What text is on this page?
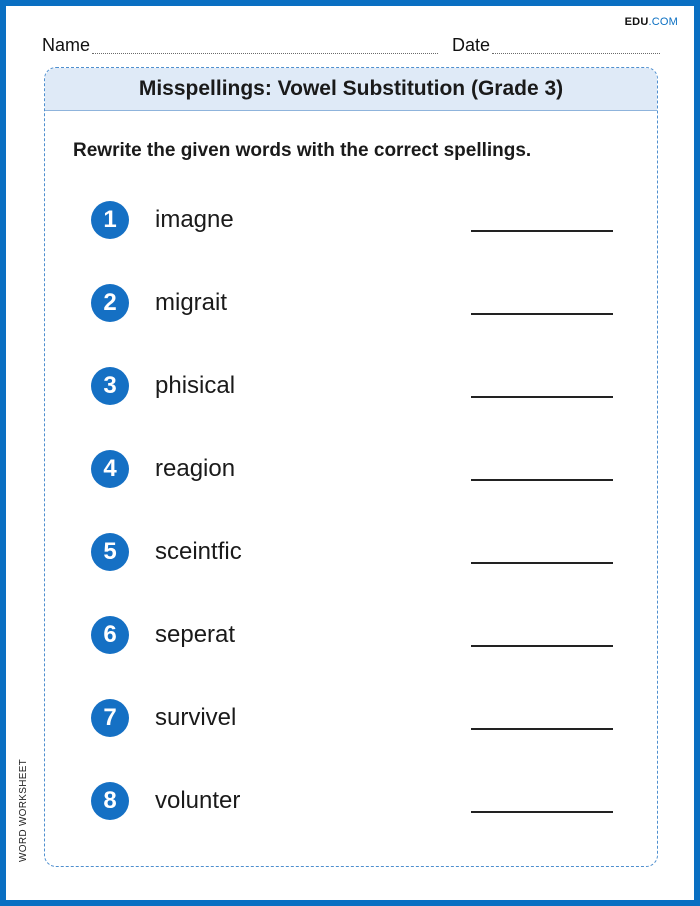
EDU.COM
Name	Date
Misspellings: Vowel Substitution (Grade 3)
Rewrite the given words with the correct spellings.
1	imagne
2	migrait
3	phisical
4	reagion
5	sceintfic
6	seperat
7	survivel
8	volunter
WORD WORKSHEET
